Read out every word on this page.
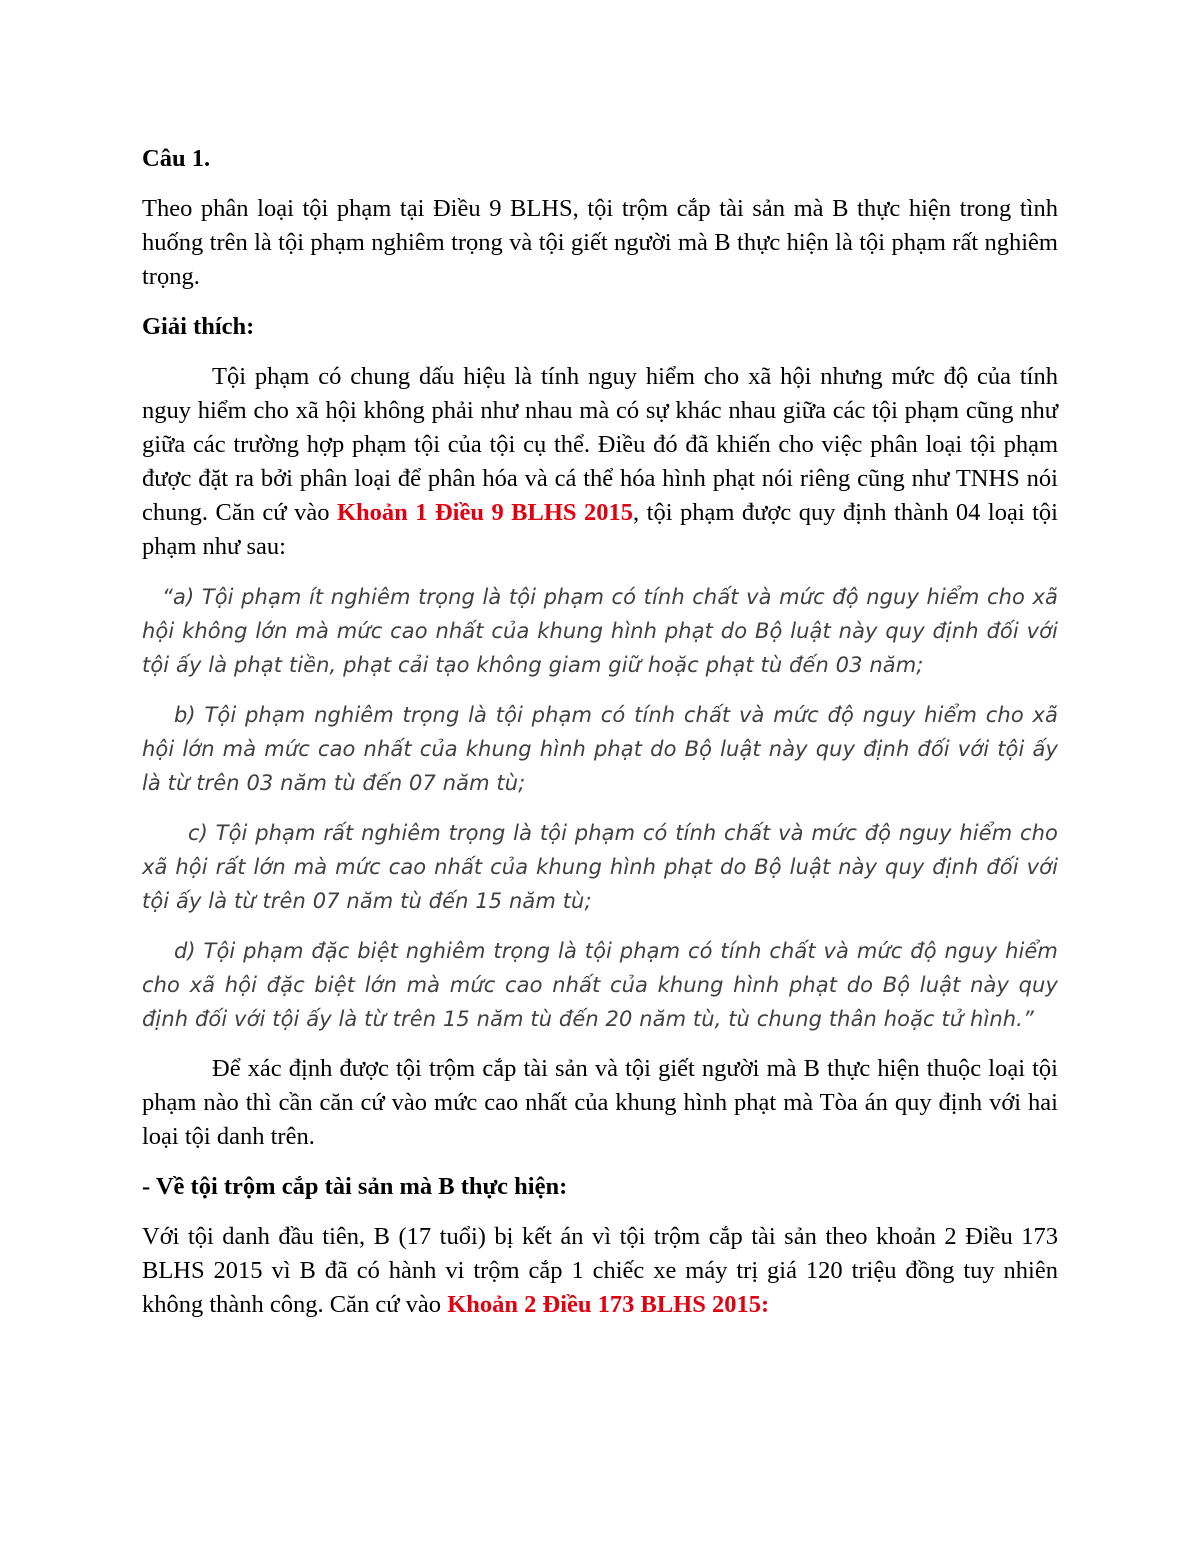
Câu 1.

Theo phân loại tội phạm tại Điều 9 BLHS, tội trộm cắp tài sản mà B thực hiện trong tình huống trên là tội phạm nghiêm trọng và tội giết người mà B thực hiện là tội phạm rất nghiêm trọng.

Giải thích:

Tội phạm có chung dấu hiệu là tính nguy hiểm cho xã hội nhưng mức độ của tính nguy hiểm cho xã hội không phải như nhau mà có sự khác nhau giữa các tội phạm cũng như giữa các trường hợp phạm tội của tội cụ thể. Điều đó đã khiến cho việc phân loại tội phạm được đặt ra bởi phân loại để phân hóa và cá thể hóa hình phạt nói riêng cũng như TNHS nói chung. Căn cứ vào Khoản 1 Điều 9 BLHS 2015, tội phạm được quy định thành 04 loại tội phạm như sau:

“a) Tội phạm ít nghiêm trọng là tội phạm có tính chất và mức độ nguy hiểm cho xã hội không lớn mà mức cao nhất của khung hình phạt do Bộ luật này quy định đối với tội ấy là phạt tiền, phạt cải tạo không giam giữ hoặc phạt tù đến 03 năm;

b) Tội phạm nghiêm trọng là tội phạm có tính chất và mức độ nguy hiểm cho xã hội lớn mà mức cao nhất của khung hình phạt do Bộ luật này quy định đối với tội ấy là từ trên 03 năm tù đến 07 năm tù;

c) Tội phạm rất nghiêm trọng là tội phạm có tính chất và mức độ nguy hiểm cho xã hội rất lớn mà mức cao nhất của khung hình phạt do Bộ luật này quy định đối với tội ấy là từ trên 07 năm tù đến 15 năm tù;

d) Tội phạm đặc biệt nghiêm trọng là tội phạm có tính chất và mức độ nguy hiểm cho xã hội đặc biệt lớn mà mức cao nhất của khung hình phạt do Bộ luật này quy định đối với tội ấy là từ trên 15 năm tù đến 20 năm tù, tù chung thân hoặc tử hình.”

Để xác định được tội trộm cắp tài sản và tội giết người mà B thực hiện thuộc loại tội phạm nào thì cần căn cứ vào mức cao nhất của khung hình phạt mà Tòa án quy định với hai loại tội danh trên.

- Về tội trộm cắp tài sản mà B thực hiện:

Với tội danh đầu tiên, B (17 tuổi) bị kết án vì tội trộm cắp tài sản theo khoản 2 Điều 173 BLHS 2015 vì B đã có hành vi trộm cắp 1 chiếc xe máy trị giá 120 triệu đồng tuy nhiên không thành công. Căn cứ vào Khoản 2 Điều 173 BLHS 2015:
